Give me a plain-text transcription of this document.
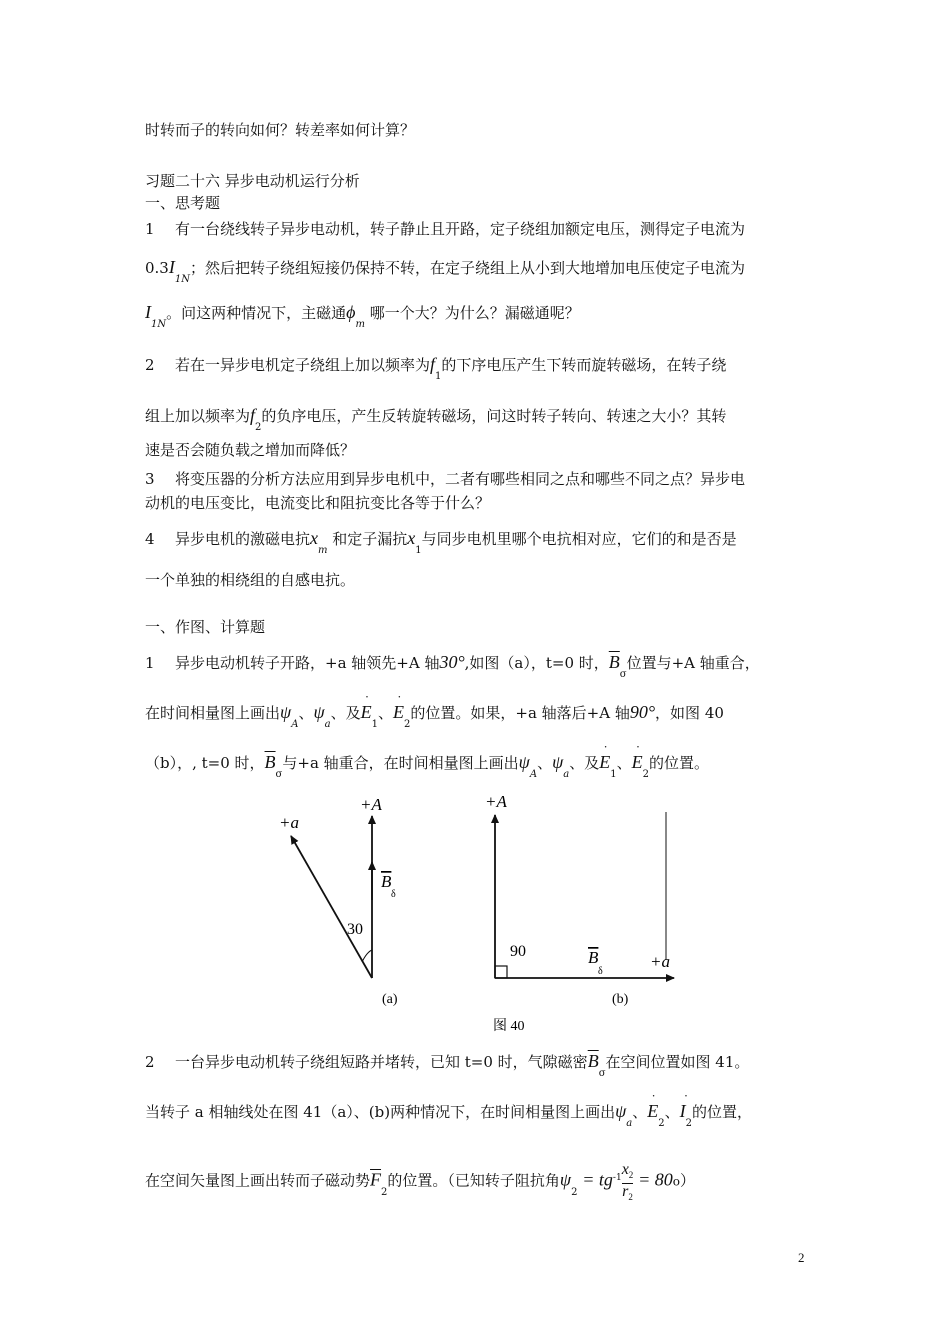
时转而子的转向如何？转差率如何计算？
习题二十六 异步电动机运行分析
一、思考题
1 有一台绕线转子异步电动机，转子静止且开路，定子绕组加额定电压，测得定子电流为
$0.3I_{1N}$；然后把转子绕组短接仍保持不转，在定子绕组上从小到大地增加电压使定子电流为
$I_{1N}$。问这两种情况下，主磁通$\phi_m$ 哪一个大？为什么？漏磁通呢？
2 若在一异步电机定子绕组上加以频率为$f_1$的下序电压产生下转而旋转磁场，在转子绕
组上加以频率为$f_2$的负序电压，产生反转旋转磁场，问这时转子转向、转速之大小？其转
速是否会随负载之增加而降低？
3 将变压器的分析方法应用到异步电机中，二者有哪些相同之点和哪些不同之点？异步电
动机的电压变比，电流变比和阻抗变比各等于什么？
4 异步电机的激磁电抗$x_m$ 和定子漏抗$x_1$与同步电机里哪个电抗相对应，它们的和是否是
一个单独的相绕组的自感电抗。
一、作图、计算题
1 异步电动机转子开路，+a 轴领先+A 轴30°,如图（a），t=0 时，$\overline{B}_\sigma$位置与+A 轴重合，
在时间相量图上画出$\psi_A$、$\psi_a$、及˙ $E_1$、˙ $E_2$的位置。如果，+a 轴落后+A 轴90°，如图 40
（b），, t=0 时，$\overline{B}_\sigma$与+a 轴重合，在时间相量图上画出$\psi_A$、$\psi_a$、及˙ $E_1$、˙ $E_2$的位置。
+A
+a
B
δ
30
(a)
+A
+a
B
δ
90
(b)
图 40
2 一台异步电动机转子绕组短路并堵转，已知 t=0 时，气隙磁密$\overline{B}_\sigma$在空间位置如图 41。
当转子 a 相轴线处在图 41（a）、(b)两种情况下，在时间相量图上画出$\psi_a$、˙ $E_2$、˙ $I_2$的位置，
在空间矢量图上画出转而子磁动势$\overline{F}_2$的位置。（已知转子阻抗角$\psi_2 = tg^{-1} \frac{x_2}{r_2} = 80o$）
2
